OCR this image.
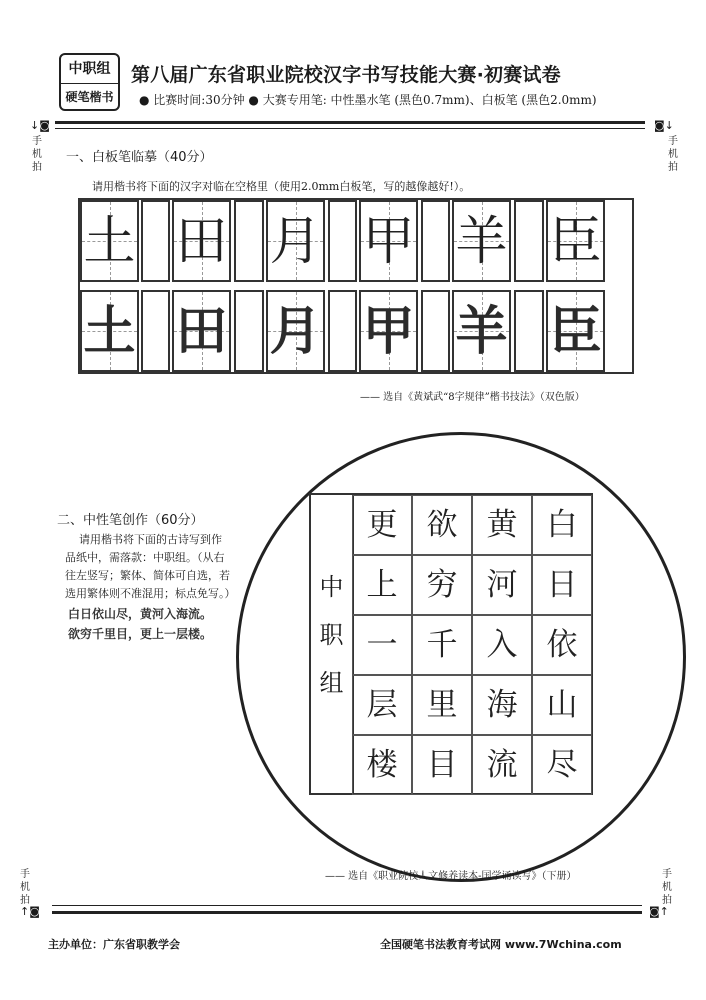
中职组
硬笔楷书
第八届广东省职业院校汉字书写技能大赛·初赛试卷
● 比赛时间:30分钟 ● 大赛专用笔: 中性墨水笔 (黑色0.7mm)、白板笔 (黑色2.0mm)
↓◙
手
机
拍
◙↓
手
机
拍
一、白板笔临摹（40分）
请用楷书将下面的汉字对临在空格里（使用2.0mm白板笔，写的越像越好!）。
土 田 月 甲 羊 臣
土 田 月 甲 羊 臣
—— 选自《黄斌武“8字规律”楷书技法》（双色版）
二、中性笔创作（60分）
请用楷书将下面的古诗写到作
品纸中，需落款：中职组。（从右
往左竖写；繁体、简体可自选，若
选用繁体则不准混用；标点免写。）
白日依山尽，黄河入海流。
欲穷千里目，更上一层楼。
中
职
组
更
上
一
层
楼
欲
穷
千
里
目
黄
河
入
海
流
白
日
依
山
尽
—— 选自《职业院校人文修养读本-国学诵读写》（下册）
手
机
拍
↑◙
手
机
拍
◙↑
主办单位：广东省职教学会	全国硬笔书法教育考试网 www.7Wchina.com
